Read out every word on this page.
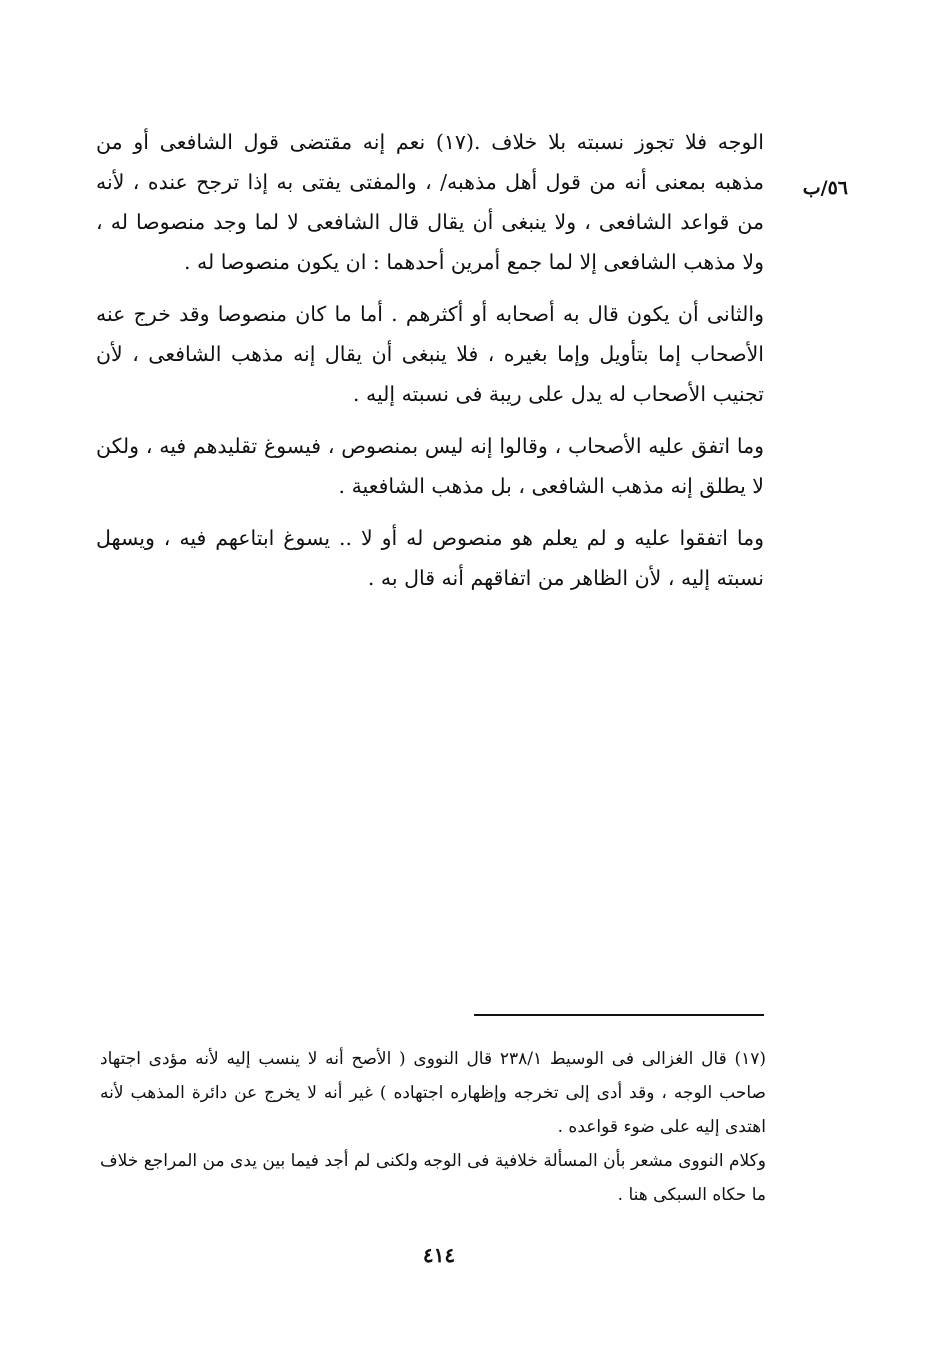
٥٦/ب

الوجه فلا تجوز نسبته بلا خلاف .(١٧) نعم إنه مقتضى قول الشافعى أو من مذهبه بمعنى أنه من قول أهل مذهبه/ ، والمفتى يفتى به إذا ترجح عنده ، لأنه من قواعد الشافعى ، ولا ينبغى أن يقال قال الشافعى لا لما وجد منصوصا له ، ولا مذهب الشافعى إلا لما جمع أمرين أحدهما : ان يكون منصوصا له .

والثانى أن يكون قال به أصحابه أو أكثرهم . أما ما كان منصوصا وقد خرج عنه الأصحاب إما بتأويل وإما بغيره ، فلا ينبغى أن يقال إنه مذهب الشافعى ، لأن تجنيب الأصحاب له يدل على ريبة فى نسبته إليه .

وما اتفق عليه الأصحاب ، وقالوا إنه ليس بمنصوص ، فيسوغ تقليدهم فيه ، ولكن لا يطلق إنه مذهب الشافعى ، بل مذهب الشافعية .

وما اتفقوا عليه و لم يعلم هو منصوص له أو لا .. يسوغ ابتاعهم فيه ، ويسهل نسبته إليه ، لأن الظاهر من اتفاقهم أنه قال به .

(١٧) قال الغزالى فى الوسيط ٢٣٨/١ قال النووى ( الأصح أنه لا ينسب إليه لأنه مؤدى اجتهاد صاحب الوجه ، وقد أدى إلى تخرجه وإظهاره اجتهاده ) غير أنه لا يخرج عن دائرة المذهب لأنه اهتدى إليه على ضوء قواعده .

وكلام النووى مشعر بأن المسألة خلافية فى الوجه ولكنى لم أجد فيما بين يدى من المراجع خلاف ما حكاه السبكى هنا .

٤١٤
